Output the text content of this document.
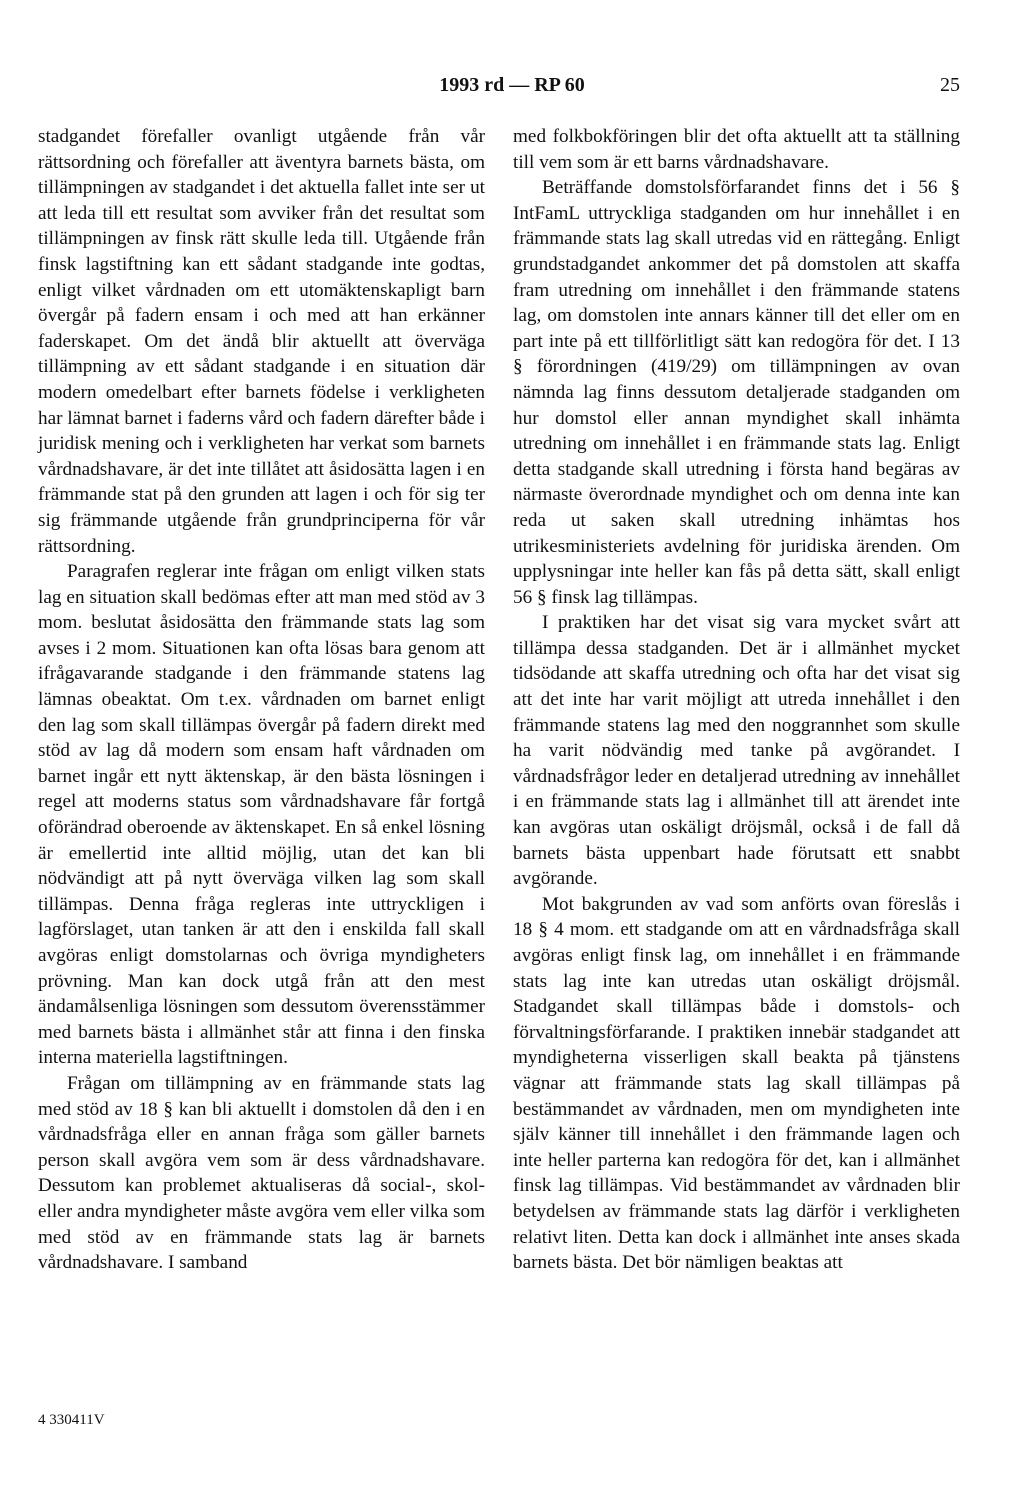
1993 rd — RP 60	25

stadgandet förefaller ovanligt utgående från vår rättsordning och förefaller att äventyra barnets bästa, om tillämpningen av stadgandet i det aktuella fallet inte ser ut att leda till ett resultat som avviker från det resultat som tillämpningen av finsk rätt skulle leda till. Utgående från finsk lagstiftning kan ett sådant stadgande inte godtas, enligt vilket vårdnaden om ett utomäktenskapligt barn övergår på fadern ensam i och med att han erkänner faderskapet. Om det ändå blir aktuellt att överväga tillämpning av ett sådant stadgande i en situation där modern omedelbart efter barnets födelse i verkligheten har lämnat barnet i faderns vård och fadern därefter både i juridisk mening och i verkligheten har verkat som barnets vårdnadshavare, är det inte tillåtet att åsidosätta lagen i en främmande stat på den grunden att lagen i och för sig ter sig främmande utgående från grundprinciperna för vår rättsordning.

Paragrafen reglerar inte frågan om enligt vilken stats lag en situation skall bedömas efter att man med stöd av 3 mom. beslutat åsidosätta den främmande stats lag som avses i 2 mom. Situationen kan ofta lösas bara genom att ifrågavarande stadgande i den främmande statens lag lämnas obeaktat. Om t.ex. vårdnaden om barnet enligt den lag som skall tillämpas övergår på fadern direkt med stöd av lag då modern som ensam haft vårdnaden om barnet ingår ett nytt äktenskap, är den bästa lösningen i regel att moderns status som vårdnadshavare får fortgå oförändrad oberoende av äktenskapet. En så enkel lösning är emellertid inte alltid möjlig, utan det kan bli nödvändigt att på nytt överväga vilken lag som skall tillämpas. Denna fråga regleras inte uttryckligen i lagförslaget, utan tanken är att den i enskilda fall skall avgöras enligt domstolarnas och övriga myndigheters prövning. Man kan dock utgå från att den mest ändamålsenliga lösningen som dessutom överensstämmer med barnets bästa i allmänhet står att finna i den finska interna materiella lagstiftningen.

Frågan om tillämpning av en främmande stats lag med stöd av 18 § kan bli aktuellt i domstolen då den i en vårdnadsfråga eller en annan fråga som gäller barnets person skall avgöra vem som är dess vårdnadshavare. Dessutom kan problemet aktualiseras då social-, skol- eller andra myndigheter måste avgöra vem eller vilka som med stöd av en främmande stats lag är barnets vårdnadshavare. I samband

med folkbokföringen blir det ofta aktuellt att ta ställning till vem som är ett barns vårdnadshavare.

Beträffande domstolsförfarandet finns det i 56 § IntFamL uttryckliga stadganden om hur innehållet i en främmande stats lag skall utredas vid en rättegång. Enligt grundstadgandet ankommer det på domstolen att skaffa fram utredning om innehållet i den främmande statens lag, om domstolen inte annars känner till det eller om en part inte på ett tillförlitligt sätt kan redogöra för det. I 13 § förordningen (419/29) om tillämpningen av ovan nämnda lag finns dessutom detaljerade stadganden om hur domstol eller annan myndighet skall inhämta utredning om innehållet i en främmande stats lag. Enligt detta stadgande skall utredning i första hand begäras av närmaste överordnade myndighet och om denna inte kan reda ut saken skall utredning inhämtas hos utrikesministeriets avdelning för juridiska ärenden. Om upplysningar inte heller kan fås på detta sätt, skall enligt 56 § finsk lag tillämpas.

I praktiken har det visat sig vara mycket svårt att tillämpa dessa stadganden. Det är i allmänhet mycket tidsödande att skaffa utredning och ofta har det visat sig att det inte har varit möjligt att utreda innehållet i den främmande statens lag med den noggrannhet som skulle ha varit nödvändig med tanke på avgörandet. I vårdnadsfrågor leder en detaljerad utredning av innehållet i en främmande stats lag i allmänhet till att ärendet inte kan avgöras utan oskäligt dröjsmål, också i de fall då barnets bästa uppenbart hade förutsatt ett snabbt avgörande.

Mot bakgrunden av vad som anförts ovan föreslås i 18 § 4 mom. ett stadgande om att en vårdnadsfråga skall avgöras enligt finsk lag, om innehållet i en främmande stats lag inte kan utredas utan oskäligt dröjsmål. Stadgandet skall tillämpas både i domstols- och förvaltningsförfarande. I praktiken innebär stadgandet att myndigheterna visserligen skall beakta på tjänstens vägnar att främmande stats lag skall tillämpas på bestämmandet av vårdnaden, men om myndigheten inte själv känner till innehållet i den främmande lagen och inte heller parterna kan redogöra för det, kan i allmänhet finsk lag tillämpas. Vid bestämmandet av vårdnaden blir betydelsen av främmande stats lag därför i verkligheten relativt liten. Detta kan dock i allmänhet inte anses skada barnets bästa. Det bör nämligen beaktas att

4 330411V
